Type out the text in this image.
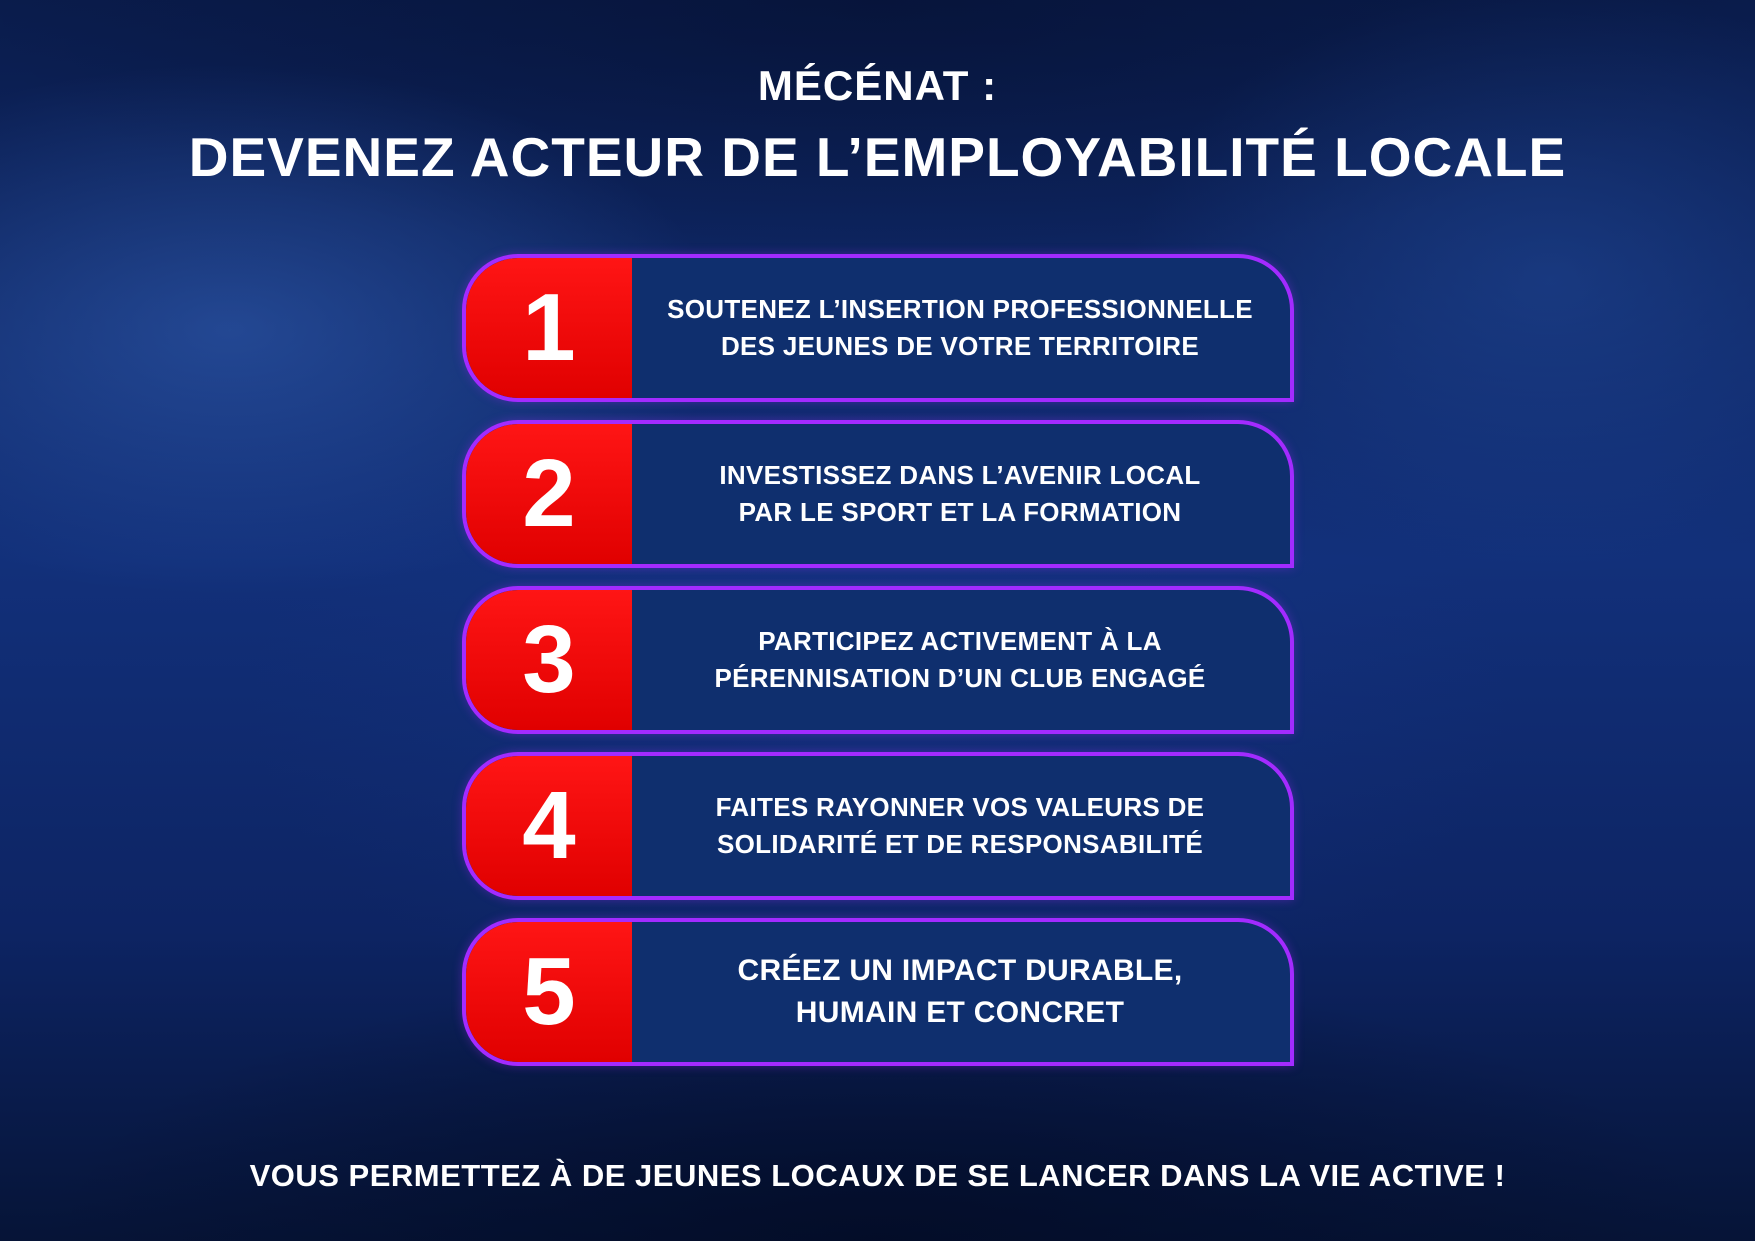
MÉCÉNAT :
DEVENEZ ACTEUR DE L’EMPLOYABILITÉ LOCALE
1	SOUTENEZ L’INSERTION PROFESSIONNELLE
DES JEUNES DE VOTRE TERRITOIRE
2	INVESTISSEZ DANS L’AVENIR LOCAL
PAR LE SPORT ET LA FORMATION
3	PARTICIPEZ ACTIVEMENT À LA
PÉRENNISATION D’UN CLUB ENGAGÉ
4	FAITES RAYONNER VOS VALEURS DE
SOLIDARITÉ ET DE RESPONSABILITÉ
5	CRÉEZ UN IMPACT DURABLE,
HUMAIN ET CONCRET
VOUS PERMETTEZ À DE JEUNES LOCAUX DE SE LANCER DANS LA VIE ACTIVE !
